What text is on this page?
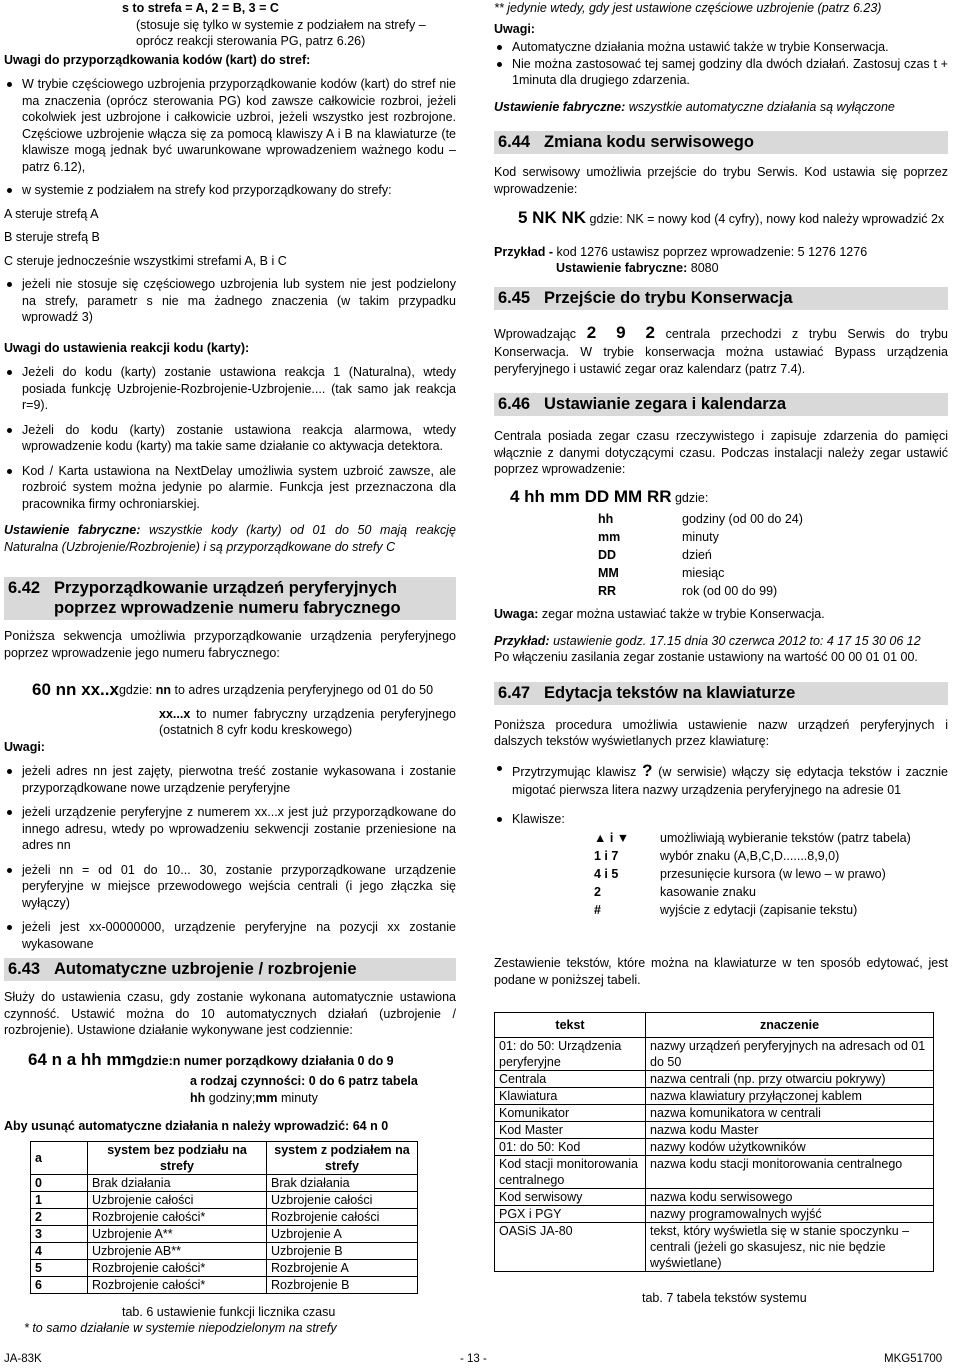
s to strefa = A, 2 = B, 3 = C

(stosuje się tylko w systemie z podziałem na strefy – oprócz reakcji sterowania PG, patrz 6.26)

Uwagi do przyporządkowania kodów (kart) do stref:

W trybie częściowego uzbrojenia przyporządkowanie kodów (kart) do stref nie ma znaczenia (oprócz sterowania PG) kod zawsze całkowicie rozbroi, jeżeli cokolwiek jest uzbrojone i całkowicie uzbroi, jeżeli wszystko jest rozbrojone. Częściowe uzbrojenie włącza się za pomocą klawiszy A i B na klawiaturze (te klawisze mogą jednak być uwarunkowane wprowadzeniem ważnego kodu – patrz 6.12),
w systemie z podziałem na strefy kod przyporządkowany do strefy:

A steruje strefą A

B steruje strefą B

C steruje jednocześnie wszystkimi strefami A, B i C

jeżeli nie stosuje się częściowego uzbrojenia lub system nie jest podzielony na strefy, parametr s nie ma żadnego znaczenia (w takim przypadku wprowadź 3)

Uwagi do ustawienia reakcji kodu (karty):

Jeżeli do kodu (karty) zostanie ustawiona reakcja 1 (Naturalna), wtedy posiada funkcję Uzbrojenie-Rozbrojenie-Uzbrojenie.... (tak samo jak reakcja r=9).
Jeżeli do kodu (karty) zostanie ustawiona reakcja alarmowa, wtedy wprowadzenie kodu (karty) ma takie same działanie co aktywacja detektora.
Kod / Karta ustawiona na NextDelay umożliwia system uzbroić zawsze, ale rozbroić system można jedynie po alarmie. Funkcja jest przeznaczona dla pracownika firmy ochroniarskiej.

Ustawienie fabryczne: wszystkie kody (karty) od 01 do 50 mają reakcję Naturalna (Uzbrojenie/Rozbrojenie) i są przyporządkowane do strefy C

6.42 Przyporządkowanie urządzeń peryferyjnych poprzez wprowadzenie numeru fabrycznego

Poniższa sekwencja umożliwia przyporządkowanie urządzenia peryferyjnego poprzez wprowadzenie jego numeru fabrycznego:

60 nn xx..x gdzie: nn to adres urządzenia peryferyjnego od 01 do 50

xx...x to numer fabryczny urządzenia peryferyjnego (ostatnich 8 cyfr kodu kreskowego)

Uwagi:

jeżeli adres nn jest zajęty, pierwotna treść zostanie wykasowana i zostanie przyporządkowane nowe urządzenie peryferyjne
jeżeli urządzenie peryferyjne z numerem xx...x jest już przyporządkowane do innego adresu, wtedy po wprowadzeniu sekwencji zostanie przeniesione na adres nn
jeżeli nn = od 01 do 10... 30, zostanie przyporządkowane urządzenie peryferyjne w miejsce przewodowego wejścia centrali (i jego złączka się wyłączy)
jeżeli jest xx-00000000, urządzenie peryferyjne na pozycji xx zostanie wykasowane
6.43 Automatyczne uzbrojenie / rozbrojenie

Służy do ustawienia czasu, gdy zostanie wykonana automatycznie ustawiona czynność. Ustawić można do 10 automatycznych działań (uzbrojenie / rozbrojenie). Ustawione działanie wykonywane jest codziennie:

64 n a hh mm gdzie: n numer porządkowy działania 0 do 9

a rodzaj czynności: 0 do 6 patrz tabela

hh godziny;mm minuty

Aby usunąć automatyczne działania n należy wprowadzić: 64 n 0

a	system bez podziału na strefy	system z podziałem na strefy
0	Brak działania	Brak działania
1	Uzbrojenie całości	Uzbrojenie całości
2	Rozbrojenie całości*	Rozbrojenie całości
3	Uzbrojenie A**	Uzbrojenie A
4	Uzbrojenie AB**	Uzbrojenie B
5	Rozbrojenie całości*	Rozbrojenie A
6	Rozbrojenie całości*	Rozbrojenie B

tab. 6 ustawienie funkcji licznika czasu

* to samo działanie w systemie niepodzielonym na strefy

** jedynie wtedy, gdy jest ustawione częściowe uzbrojenie (patrz 6.23)

Uwagi:

Automatyczne działania można ustawić także w trybie Konserwacja.
Nie można zastosować tej samej godziny dla dwóch działań. Zastosuj czas t + 1minuta dla drugiego zdarzenia.

Ustawienie fabryczne: wszystkie automatyczne działania są wyłączone

6.44 Zmiana kodu serwisowego

Kod serwisowy umożliwia przejście do trybu Serwis. Kod ustawia się poprzez wprowadzenie:

5 NK NK gdzie: NK = nowy kod (4 cyfry), nowy kod należy wprowadzić 2x

Przykład - kod 1276 ustawisz poprzez wprowadzenie: 5 1276 1276

Ustawienie fabryczne: 8080

6.45 Przejście do trybu Konserwacja

Wprowadzając 2 9 2 centrala przechodzi z trybu Serwis do trybu Konserwacja. W trybie konserwacja można ustawiać Bypass urządzenia peryferyjnego i ustawić zegar oraz kalendarz (patrz 7.4).

6.46 Ustawianie zegara i kalendarza

Centrala posiada zegar czasu rzeczywistego i zapisuje zdarzenia do pamięci włącznie z danymi dotyczącymi czasu. Podczas instalacji należy zegar ustawić poprzez wprowadzenie:

4 hh mm DD MM RR gdzie:

hh	godziny (od 00 do 24)
mm	minuty
DD	dzień
MM	miesiąc
RR	rok (od 00 do 99)

Uwaga: zegar można ustawiać także w trybie Konserwacja.

Przykład: ustawienie godz. 17.15 dnia 30 czerwca 2012 to: 4 17 15 30 06 12

Po włączeniu zasilania zegar zostanie ustawiony na wartość 00 00 01 01 00.

6.47 Edytacja tekstów na klawiaturze

Poniższa procedura umożliwia ustawienie nazw urządzeń peryferyjnych i dalszych tekstów wyświetlanych przez klawiaturę:

Przytrzymując klawisz ? (w serwisie) włączy się edytacja tekstów i zacznie migotać pierwsza litera nazwy urządzenia peryferyjnego na adresie 01
Klawisze:
▲ i ▼	umożliwiają wybieranie tekstów (patrz tabela)
1 i 7	wybór znaku (A,B,C,D.......8,9,0)
4 i 5	przesunięcie kursora (w lewo – w prawo)
2	kasowanie znaku
#	wyjście z edytacji (zapisanie tekstu)

Zestawienie tekstów, które można na klawiaturze w ten sposób edytować, jest podane w poniższej tabeli.

tekst	znaczenie
01: do 50: Urządzenia peryferyjne	nazwy urządzeń peryferyjnych na adresach od 01 do 50
Centrala	nazwa centrali (np. przy otwarciu pokrywy)
Klawiatura	nazwa klawiatury przyłączonej kablem
Komunikator	nazwa komunikatora w centrali
Kod Master	nazwa kodu Master
01: do 50: Kod	nazwy kodów użytkowników
Kod stacji monitorowania centralnego	nazwa kodu stacji monitorowania centralnego
Kod serwisowy	nazwa kodu serwisowego
PGX i PGY	nazwy programowalnych wyjść
OASiS JA-80	tekst, który wyświetla się w stanie spoczynku – centrali (jeżeli go skasujesz, nic nie będzie wyświetlane)

tab. 7 tabela tekstów systemu

JA-83K	- 13 -	MKG51700
